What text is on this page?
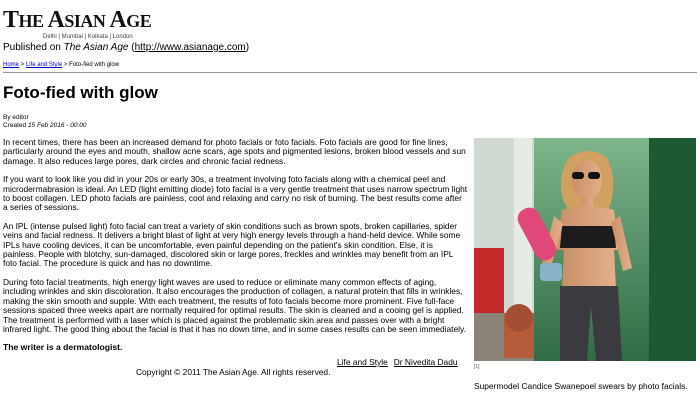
THE ASIAN AGE
Delhi | Mumbai | Kolkata | London
Published on The Asian Age (http://www.asianage.com)
Home > Life and Style > Foto-fied with glow
Foto-fied with glow
By editor
Created 15 Feb 2016 - 00:00

In recent times, there has been an increased demand for photo facials or foto facials. Foto facials are good for fine lines, particularly around the eyes and mouth, shallow acne scars, age spots and pigmented lesions, broken blood vessels and sun damage. It also reduces large pores, dark circles and chronic facial redness.

If you want to look like you did in your 20s or early 30s, a treatment involving foto facials along with a chemical peel and microdermabrasion is ideal. An LED (light emitting diode) foto facial is a very gentle treatment that uses narrow spectrum light to boost collagen. LED photo facials are painless, cool and relaxing and carry no risk of burning. The best results come after a series of sessions.

An IPL (intense pulsed light) foto facial can treat a variety of skin conditions such as brown spots, broken capillaries, spider veins and facial redness. It delivers a bright blast of light at very high energy levels through a hand-held device. While some IPLs have cooling devices, it can be uncomfortable, even painful depending on the patient's skin condition. Else, it is painless. People with blotchy, sun-damaged, discolored skin or large pores, freckles and wrinkles may benefit from an IPL foto facial. The procedure is quick and has no downtime.

During foto facial treatments, high energy light waves are used to reduce or eliminate many common effects of aging, including wrinkles and skin discoloration. It also encourages the production of collagen, a natural protein that fills in wrinkles, making the skin smooth and supple. With each treatment, the results of foto facials become more prominent. Five full-face sessions spaced three weeks apart are normally required for optimal results. The skin is cleaned and a cooing gel is applied. The treatment is performed with a laser which is placed against the problematic skin area and passes over with a bright infrared light. The good thing about the facial is that it has no down time, and in some cases results can be seen immediately.

The writer is a dermatologist.

Life and Style Dr Nivedita Dadu
Copyright © 2011 The Asian Age. All rights reserved.	[1]
Supermodel Candice Swanepoel swears by photo facials.
